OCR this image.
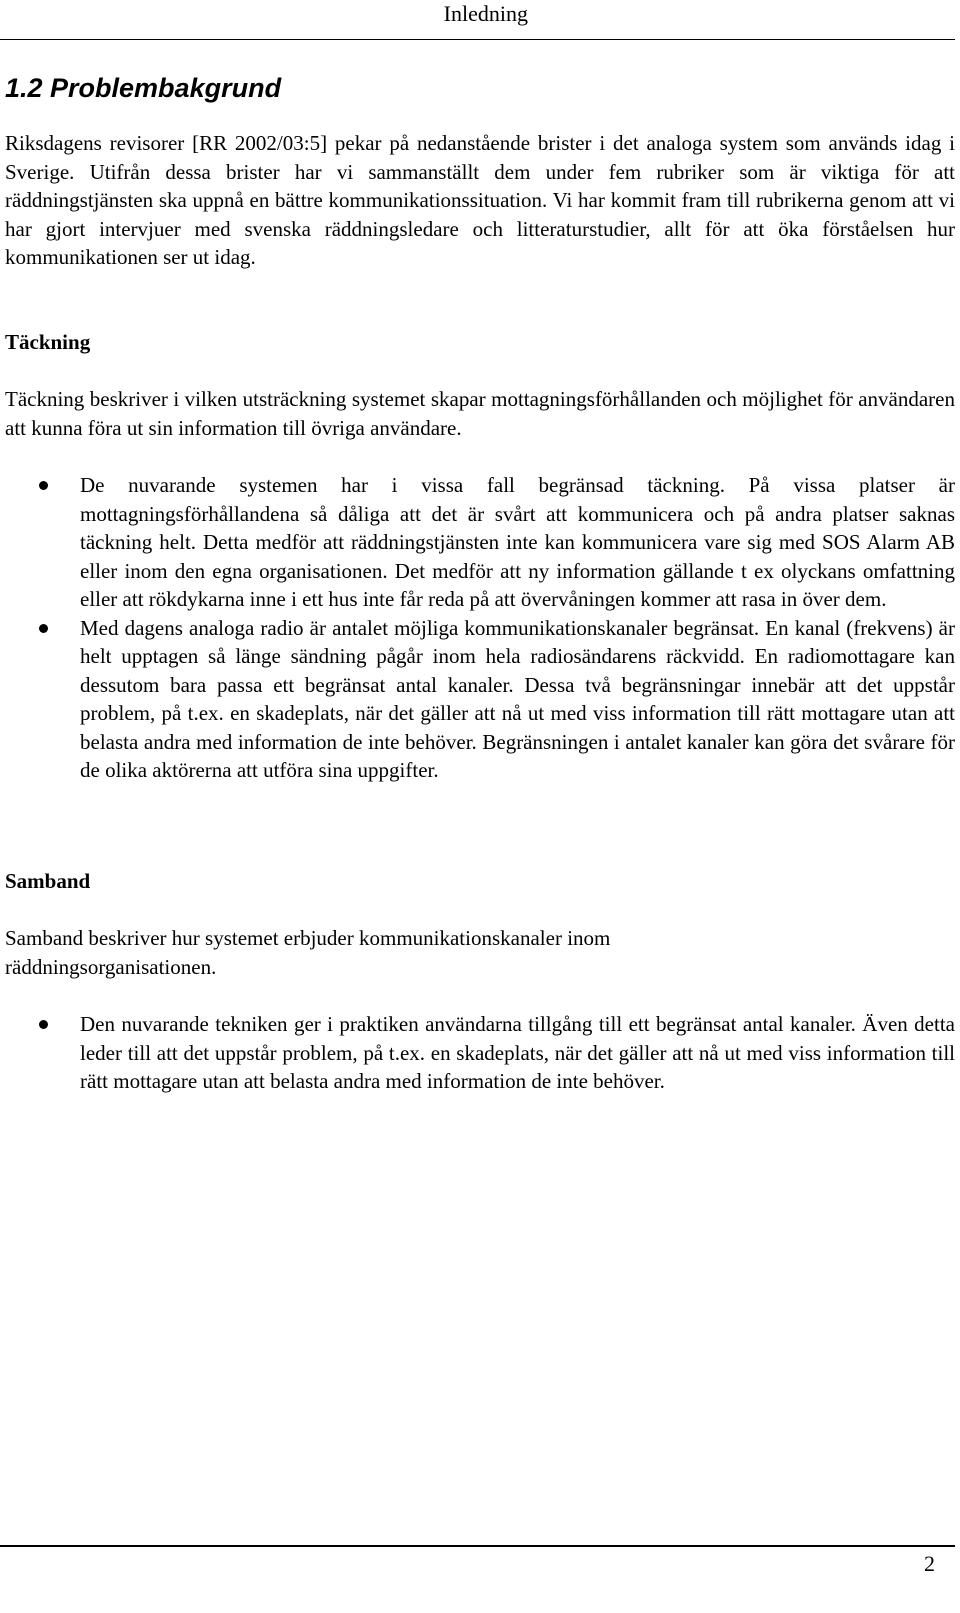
Inledning
1.2 Problembakgrund

Riksdagens revisorer [RR 2002/03:5] pekar på nedanstående brister i det analoga system som används idag i Sverige. Utifrån dessa brister har vi sammanställt dem under fem rubriker som är viktiga för att räddningstjänsten ska uppnå en bättre kommunikationssituation. Vi har kommit fram till rubrikerna genom att vi har gjort intervjuer med svenska räddningsledare och litteraturstudier, allt för att öka förståelsen hur kommunikationen ser ut idag.

Täckning

Täckning beskriver i vilken utsträckning systemet skapar mottagningsförhållanden och möjlighet för användaren att kunna föra ut sin information till övriga användare.

De nuvarande systemen har i vissa fall begränsad täckning. På vissa platser är mottagningsförhållandena så dåliga att det är svårt att kommunicera och på andra platser saknas täckning helt. Detta medför att räddningstjänsten inte kan kommunicera vare sig med SOS Alarm AB eller inom den egna organisationen. Det medför att ny information gällande t ex olyckans omfattning eller att rökdykarna inne i ett hus inte får reda på att övervåningen kommer att rasa in över dem.
Med dagens analoga radio är antalet möjliga kommunikationskanaler begränsat. En kanal (frekvens) är helt upptagen så länge sändning pågår inom hela radiosändarens räckvidd. En radiomottagare kan dessutom bara passa ett begränsat antal kanaler. Dessa två begränsningar innebär att det uppstår problem, på t.ex. en skadeplats, när det gäller att nå ut med viss information till rätt mottagare utan att belasta andra med information de inte behöver. Begränsningen i antalet kanaler kan göra det svårare för de olika aktörerna att utföra sina uppgifter.
Samband

Samband beskriver hur systemet erbjuder kommunikationskanaler inom räddningsorganisationen.

Den nuvarande tekniken ger i praktiken användarna tillgång till ett begränsat antal kanaler. Även detta leder till att det uppstår problem, på t.ex. en skadeplats, när det gäller att nå ut med viss information till rätt mottagare utan att belasta andra med information de inte behöver.
2
